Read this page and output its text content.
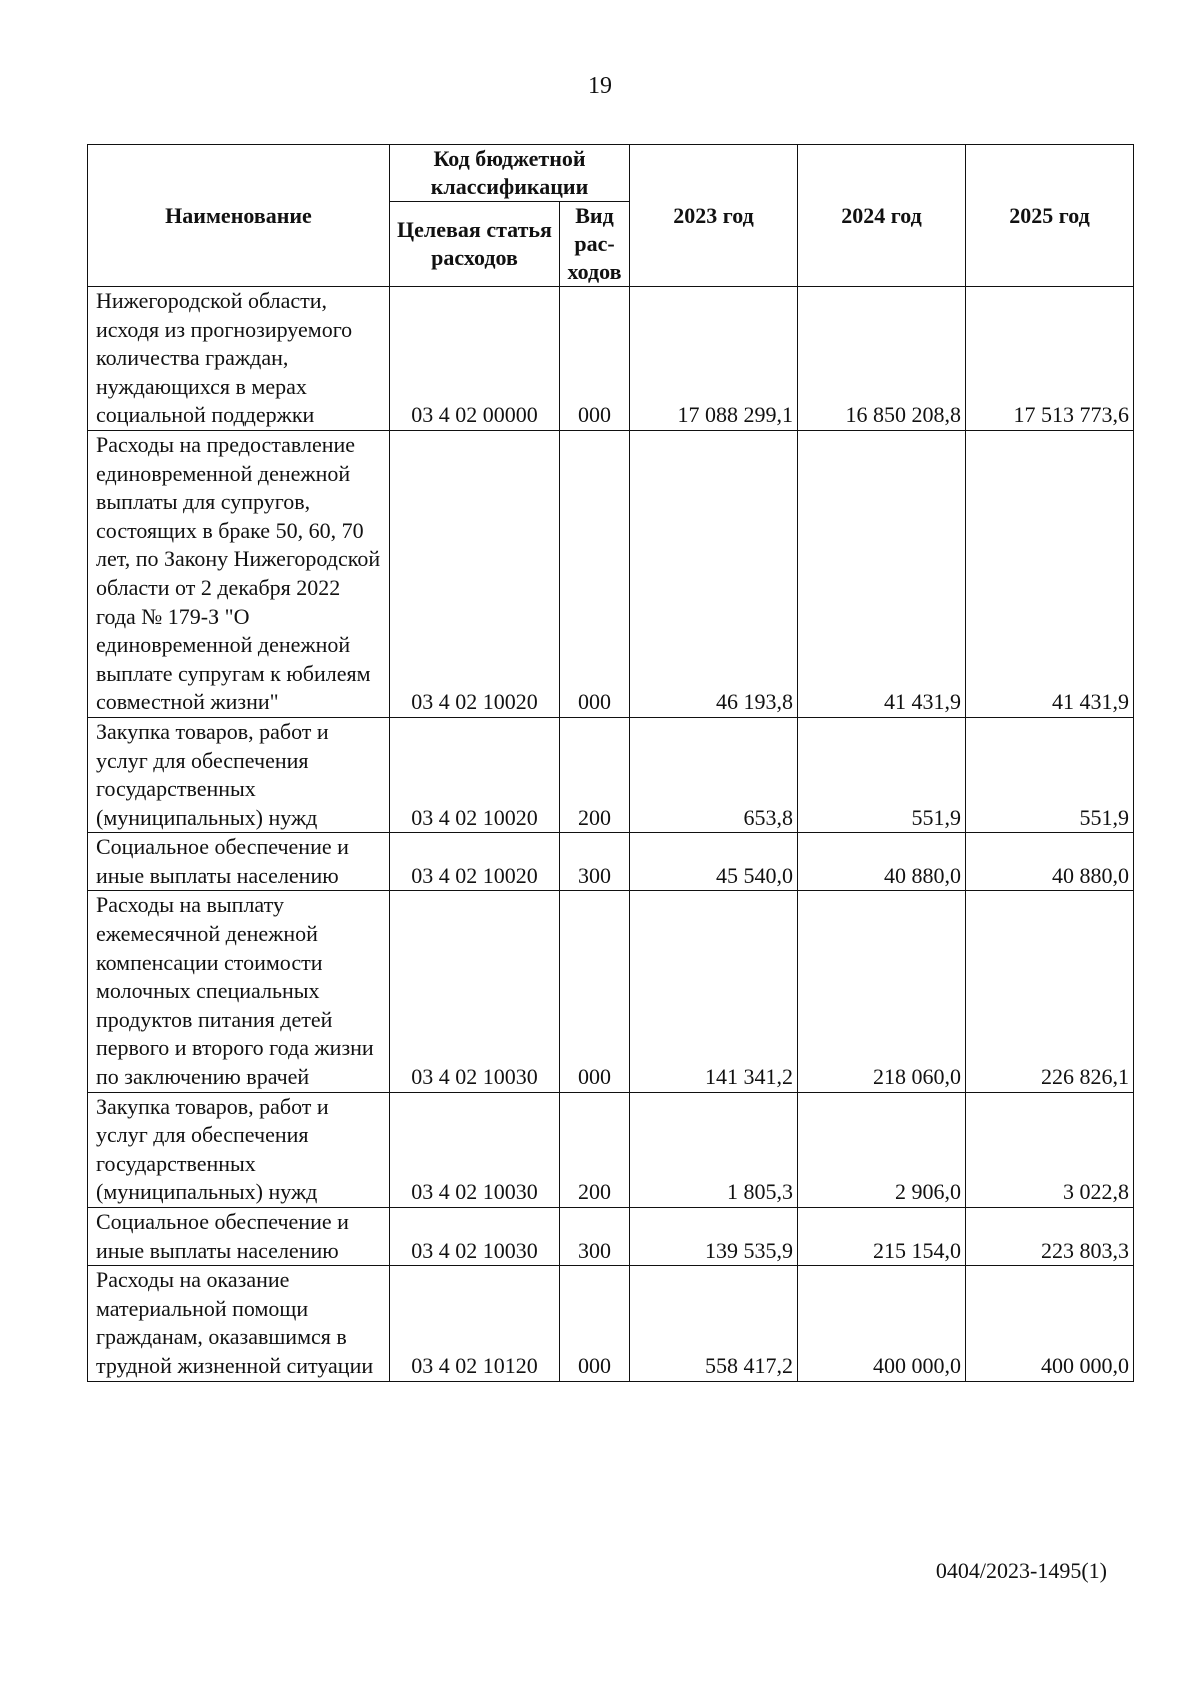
19
Наименование	Код бюджетной классификации		2023 год	2024 год	2025 год
	Целевая статья расходов	Вид рас-ходов			
Нижегородской области, исходя из прогнозируемого количества граждан, нуждающихся в мерах социальной поддержки	03 4 02 00000	000	17 088 299,1	16 850 208,8	17 513 773,6
Расходы на предоставление единовременной денежной выплаты для супругов, состоящих в браке 50, 60, 70 лет, по Закону Нижегородской области от 2 декабря 2022 года № 179-З "О единовременной денежной выплате супругам к юбилеям совместной жизни"	03 4 02 10020	000	46 193,8	41 431,9	41 431,9
Закупка товаров, работ и услуг для обеспечения государственных (муниципальных) нужд	03 4 02 10020	200	653,8	551,9	551,9
Социальное обеспечение и иные выплаты населению	03 4 02 10020	300	45 540,0	40 880,0	40 880,0
Расходы на выплату ежемесячной денежной компенсации стоимости молочных специальных продуктов питания детей первого и второго года жизни по заключению врачей	03 4 02 10030	000	141 341,2	218 060,0	226 826,1
Закупка товаров, работ и услуг для обеспечения государственных (муниципальных) нужд	03 4 02 10030	200	1 805,3	2 906,0	3 022,8
Социальное обеспечение и иные выплаты населению	03 4 02 10030	300	139 535,9	215 154,0	223 803,3
Расходы на оказание материальной помощи гражданам, оказавшимся в трудной жизненной ситуации	03 4 02 10120	000	558 417,2	400 000,0	400 000,0
0404/2023-1495(1)
